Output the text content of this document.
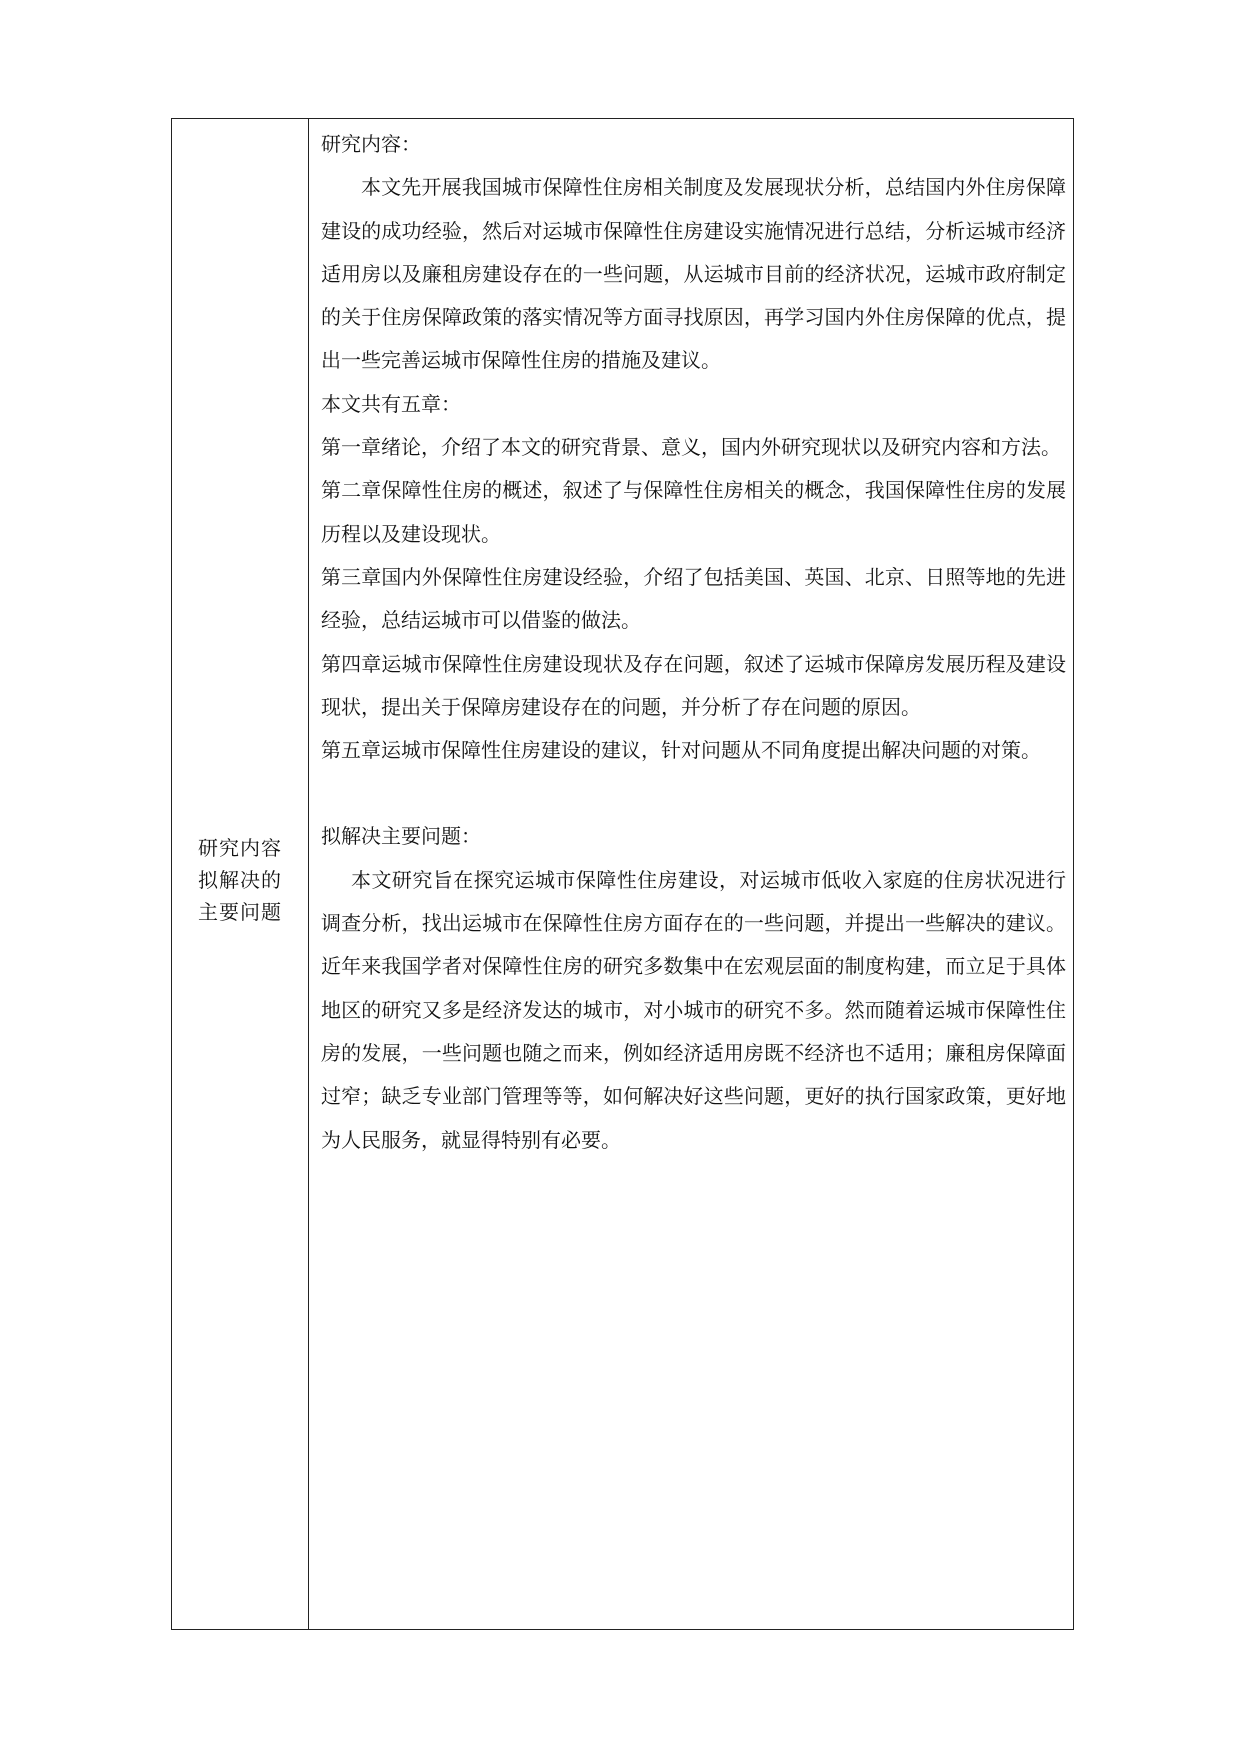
研究内容
拟解决的
主要问题

研究内容：

本文先开展我国城市保障性住房相关制度及发展现状分析，总结国内外住房保障建设的成功经验，然后对运城市保障性住房建设实施情况进行总结，分析运城市经济适用房以及廉租房建设存在的一些问题，从运城市目前的经济状况，运城市政府制定的关于住房保障政策的落实情况等方面寻找原因，再学习国内外住房保障的优点，提出一些完善运城市保障性住房的措施及建议。

本文共有五章：

第一章绪论，介绍了本文的研究背景、意义，国内外研究现状以及研究内容和方法。

第二章保障性住房的概述，叙述了与保障性住房相关的概念，我国保障性住房的发展历程以及建设现状。

第三章国内外保障性住房建设经验，介绍了包括美国、英国、北京、日照等地的先进经验，总结运城市可以借鉴的做法。

第四章运城市保障性住房建设现状及存在问题，叙述了运城市保障房发展历程及建设现状，提出关于保障房建设存在的问题，并分析了存在问题的原因。

第五章运城市保障性住房建设的建议，针对问题从不同角度提出解决问题的对策。

拟解决主要问题：

本文研究旨在探究运城市保障性住房建设，对运城市低收入家庭的住房状况进行调查分析，找出运城市在保障性住房方面存在的一些问题，并提出一些解决的建议。近年来我国学者对保障性住房的研究多数集中在宏观层面的制度构建，而立足于具体地区的研究又多是经济发达的城市，对小城市的研究不多。然而随着运城市保障性住房的发展，一些问题也随之而来，例如经济适用房既不经济也不适用；廉租房保障面过窄；缺乏专业部门管理等等，如何解决好这些问题，更好的执行国家政策，更好地为人民服务，就显得特别有必要。
